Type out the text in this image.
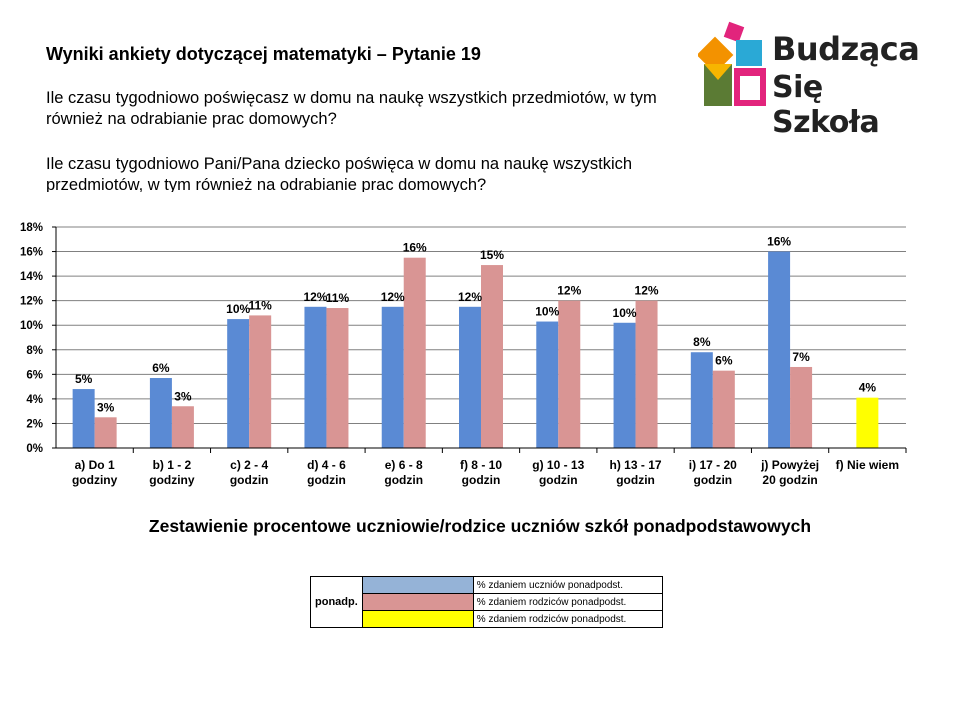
Wyniki ankiety dotyczącej matematyki – Pytanie 19
Ile czasu tygodniowo poświęcasz w domu na naukę wszystkich przedmiotów, w tym również na odrabianie prac domowych?
Ile czasu tygodniowo Pani/Pana dziecko poświęca w domu na naukę wszystkich przedmiotów, w tym również na odrabianie prac domowych?
Budząca
Się Szkoła
5%
3%
6%
3%
10%
11%
12%
11%	12%
16%
12%
15%
10%
12%
10%
12%
8%
6%
16%
7%
4%
0%
2%
4%
6%
8%
10%
12%
14%
16%
18%
a) Do 1 godziny
b) 1 - 2 godziny
c) 2 - 4 godzin
d) 4 - 6 godzin
e) 6 - 8 godzin
f) 8 - 10 godzin
g) 10 - 13 godzin
h) 13 - 17 godzin
i) 17 - 20 godzin
j) Powyżej 20 godzin
f) Nie wiem
Zestawienie procentowe uczniowie/rodzice uczniów szkół ponadpodstawowych
ponadp.		% zdaniem uczniów ponadpodst.
		% zdaniem rodziców ponadpodst.
		% zdaniem rodziców ponadpodst.
